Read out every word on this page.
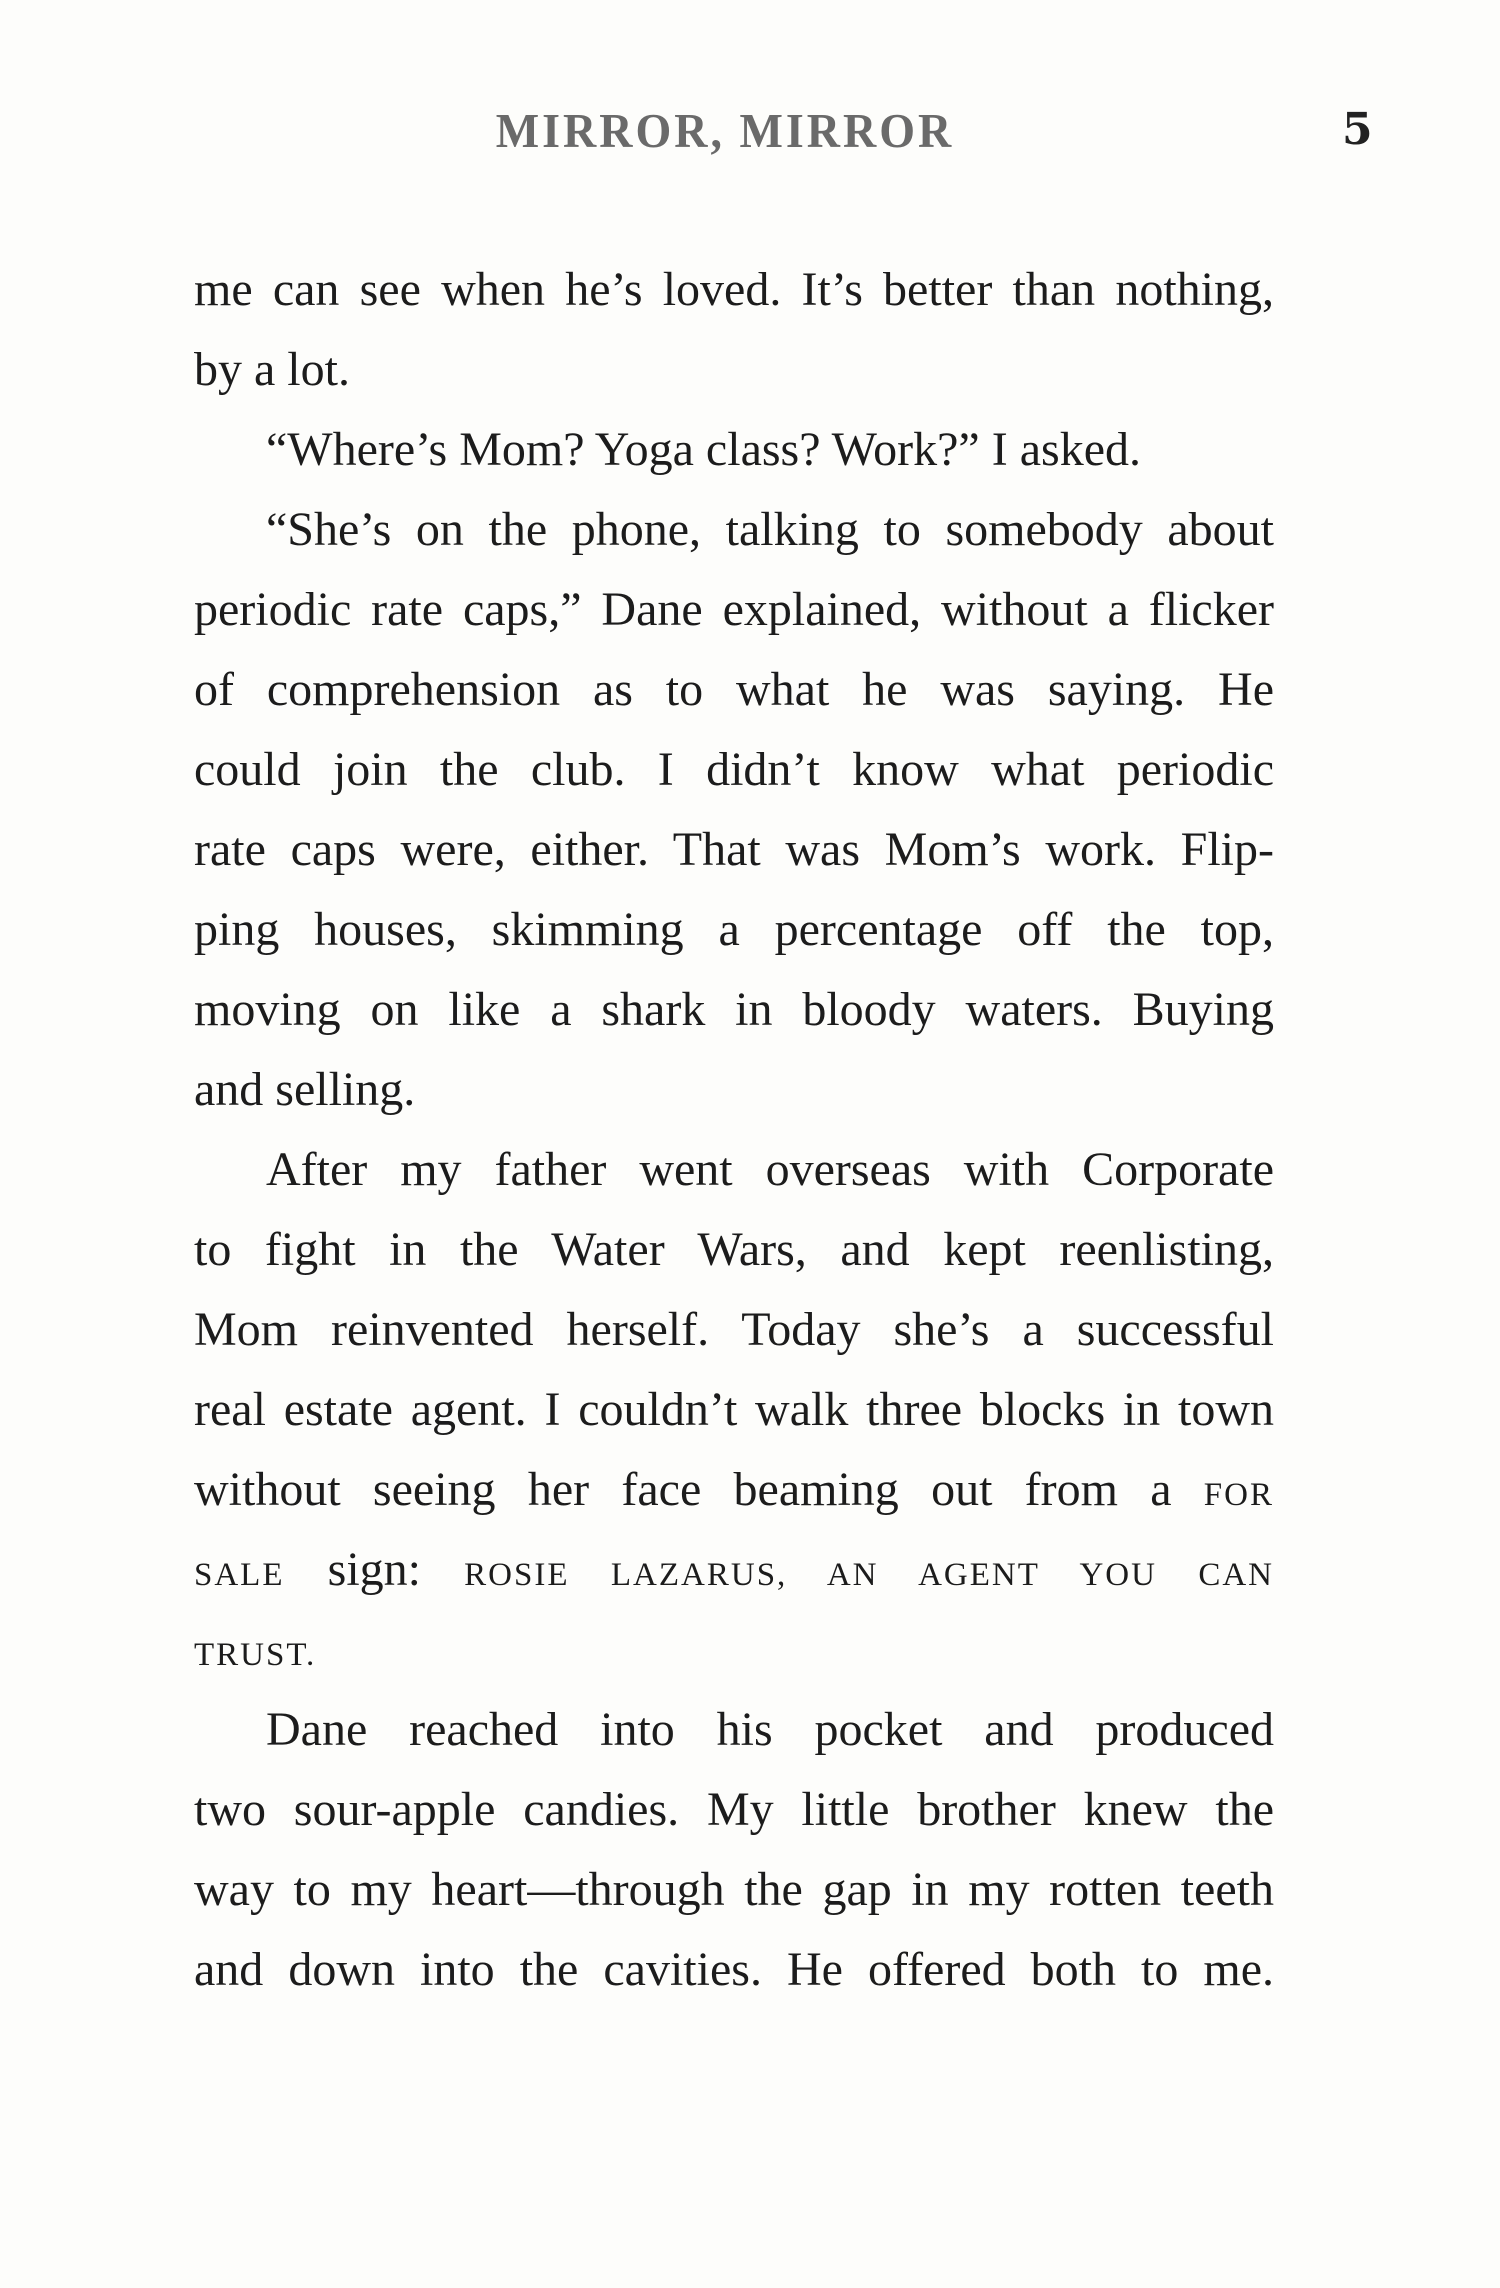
MIRROR, MIRROR	5
me can see when he’s loved. It’s better than nothing,
by a lot.
“Where’s Mom? Yoga class? Work?” I asked.
“She’s on the phone, talking to somebody about
periodic rate caps,” Dane explained, without a flicker
of comprehension as to what he was saying. He
could join the club. I didn’t know what periodic
rate caps were, either. That was Mom’s work. Flip-
ping houses, skimming a percentage off the top,
moving on like a shark in bloody waters. Buying
and selling.
After my father went overseas with Corporate
to fight in the Water Wars, and kept reenlisting,
Mom reinvented herself. Today she’s a successful
real estate agent. I couldn’t walk three blocks in town
without seeing her face beaming out from a FOR
SALE sign: ROSIE LAZARUS, AN AGENT YOU CAN
TRUST.
Dane reached into his pocket and produced
two sour-apple candies. My little brother knew the
way to my heart—through the gap in my rotten teeth
and down into the cavities. He offered both to me.
